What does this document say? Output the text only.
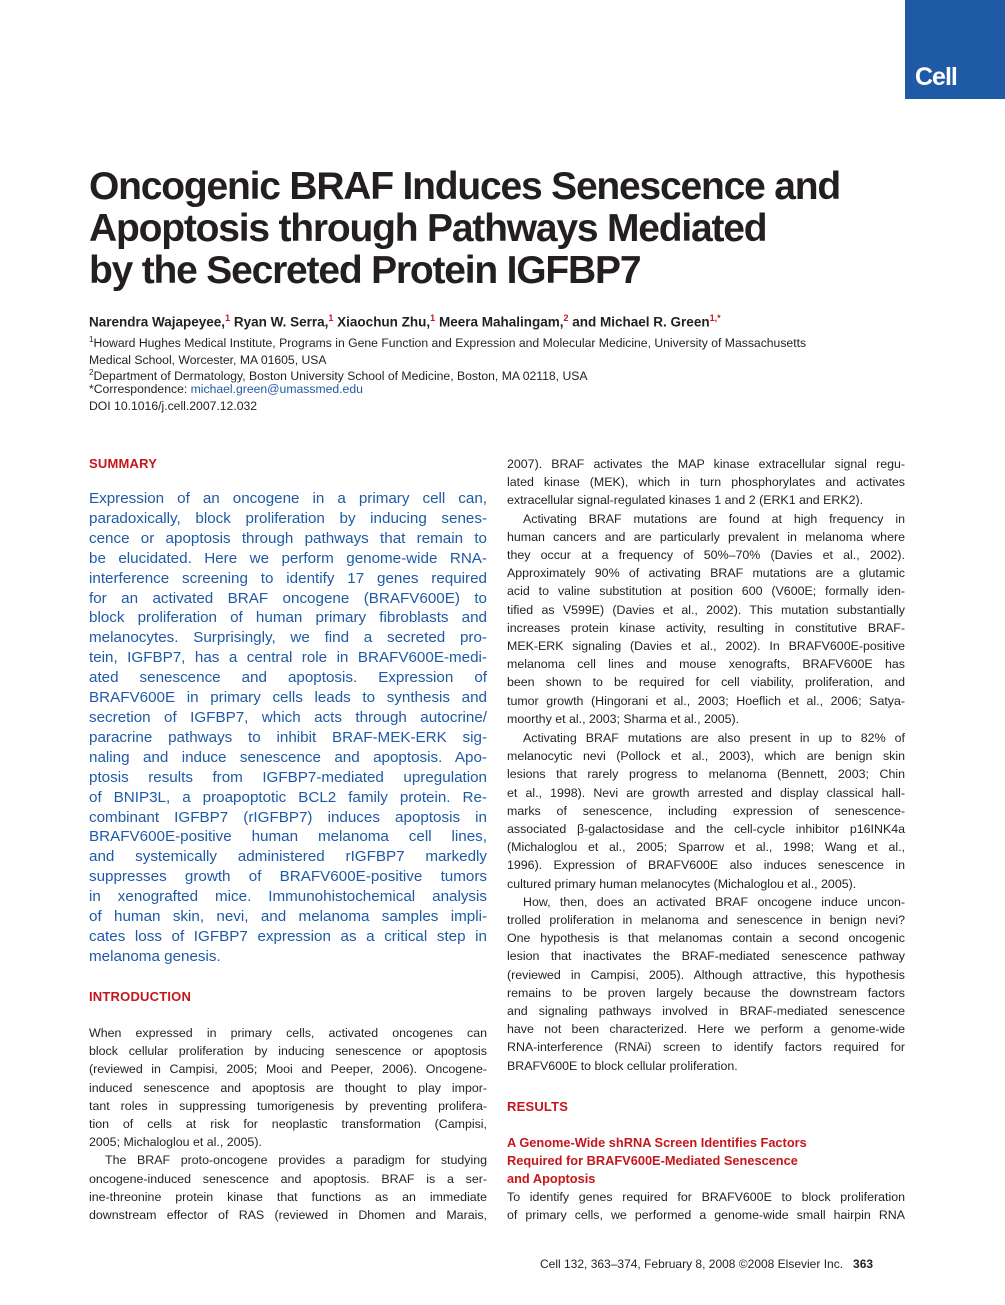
Cell
Oncogenic BRAF Induces Senescence and
Apoptosis through Pathways Mediated
by the Secreted Protein IGFBP7
Narendra Wajapeyee,$^1$ Ryan W. Serra,$^1$ Xiaochun Zhu,$^1$ Meera Mahalingam,$^2$ and Michael R. Green$^{1,*}$
$^1$Howard Hughes Medical Institute, Programs in Gene Function and Expression and Molecular Medicine, University of Massachusetts
Medical School, Worcester, MA 01605, USA
$^2$Department of Dermatology, Boston University School of Medicine, Boston, MA 02118, USA
*Correspondence: michael.green@umassmed.edu
DOI 10.1016/j.cell.2007.12.032
SUMMARY
Expression of an oncogene in a primary cell can,
paradoxically, block proliferation by inducing senes-
cence or apoptosis through pathways that remain to
be elucidated. Here we perform genome-wide RNA-
interference screening to identify 17 genes required
for an activated BRAF oncogene (BRAFV600E) to
block proliferation of human primary fibroblasts and
melanocytes. Surprisingly, we find a secreted pro-
tein, IGFBP7, has a central role in BRAFV600E-medi-
ated senescence and apoptosis. Expression of
BRAFV600E in primary cells leads to synthesis and
secretion of IGFBP7, which acts through autocrine/
paracrine pathways to inhibit BRAF-MEK-ERK sig-
naling and induce senescence and apoptosis. Apo-
ptosis results from IGFBP7-mediated upregulation
of BNIP3L, a proapoptotic BCL2 family protein. Re-
combinant IGFBP7 (rIGFBP7) induces apoptosis in
BRAFV600E-positive human melanoma cell lines,
and systemically administered rIGFBP7 markedly
suppresses growth of BRAFV600E-positive tumors
in xenografted mice. Immunohistochemical analysis
of human skin, nevi, and melanoma samples impli-
cates loss of IGFBP7 expression as a critical step in
melanoma genesis.
INTRODUCTION
When expressed in primary cells, activated oncogenes can
block cellular proliferation by inducing senescence or apoptosis
(reviewed in Campisi, 2005; Mooi and Peeper, 2006). Oncogene-
induced senescence and apoptosis are thought to play impor-
tant roles in suppressing tumorigenesis by preventing prolifera-
tion of cells at risk for neoplastic transformation (Campisi,
2005; Michaloglou et al., 2005).
The BRAF proto-oncogene provides a paradigm for studying
oncogene-induced senescence and apoptosis. BRAF is a ser-
ine-threonine protein kinase that functions as an immediate
downstream effector of RAS (reviewed in Dhomen and Marais,
2007). BRAF activates the MAP kinase extracellular signal regu-
lated kinase (MEK), which in turn phosphorylates and activates
extracellular signal-regulated kinases 1 and 2 (ERK1 and ERK2).
Activating BRAF mutations are found at high frequency in
human cancers and are particularly prevalent in melanoma where
they occur at a frequency of 50%–70% (Davies et al., 2002).
Approximately 90% of activating BRAF mutations are a glutamic
acid to valine substitution at position 600 (V600E; formally iden-
tified as V599E) (Davies et al., 2002). This mutation substantially
increases protein kinase activity, resulting in constitutive BRAF-
MEK-ERK signaling (Davies et al., 2002). In BRAFV600E-positive
melanoma cell lines and mouse xenografts, BRAFV600E has
been shown to be required for cell viability, proliferation, and
tumor growth (Hingorani et al., 2003; Hoeflich et al., 2006; Satya-
moorthy et al., 2003; Sharma et al., 2005).
Activating BRAF mutations are also present in up to 82% of
melanocytic nevi (Pollock et al., 2003), which are benign skin
lesions that rarely progress to melanoma (Bennett, 2003; Chin
et al., 1998). Nevi are growth arrested and display classical hall-
marks of senescence, including expression of senescence-
associated β-galactosidase and the cell-cycle inhibitor p16INK4a
(Michaloglou et al., 2005; Sparrow et al., 1998; Wang et al.,
1996). Expression of BRAFV600E also induces senescence in
cultured primary human melanocytes (Michaloglou et al., 2005).
How, then, does an activated BRAF oncogene induce uncon-
trolled proliferation in melanoma and senescence in benign nevi?
One hypothesis is that melanomas contain a second oncogenic
lesion that inactivates the BRAF-mediated senescence pathway
(reviewed in Campisi, 2005). Although attractive, this hypothesis
remains to be proven largely because the downstream factors
and signaling pathways involved in BRAF-mediated senescence
have not been characterized. Here we perform a genome-wide
RNA-interference (RNAi) screen to identify factors required for
BRAFV600E to block cellular proliferation.
RESULTS
A Genome-Wide shRNA Screen Identifies Factors
Required for BRAFV600E-Mediated Senescence
and Apoptosis
To identify genes required for BRAFV600E to block proliferation
of primary cells, we performed a genome-wide small hairpin RNA
Cell 132, 363–374, February 8, 2008 ©2008 Elsevier Inc. 363
